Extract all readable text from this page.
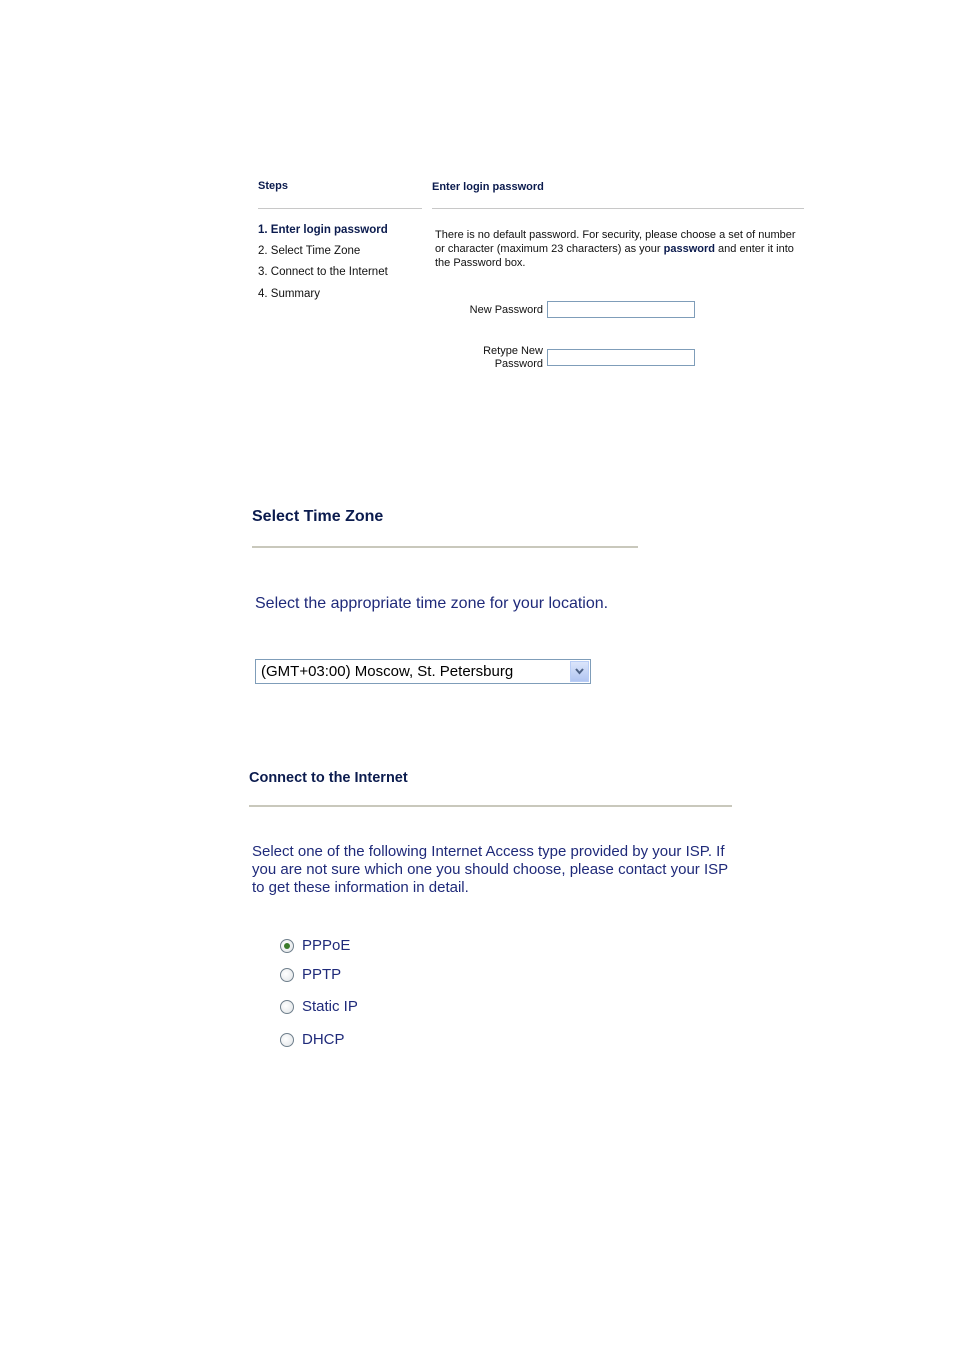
Steps
1. Enter login password
2. Select Time Zone
3. Connect to the Internet
4. Summary
Enter login password
There is no default password. For security, please choose a set of number or character (maximum 23 characters) as your password and enter it into the Password box.
New Password
Retype New
Password
Select Time Zone
Select the appropriate time zone for your location.
(GMT+03:00) Moscow, St. Petersburg
Connect to the Internet
Select one of the following Internet Access type provided by your ISP. If you are not sure which one you should choose, please contact your ISP to get these information in detail.
PPPoE
PPTP
Static IP
DHCP
